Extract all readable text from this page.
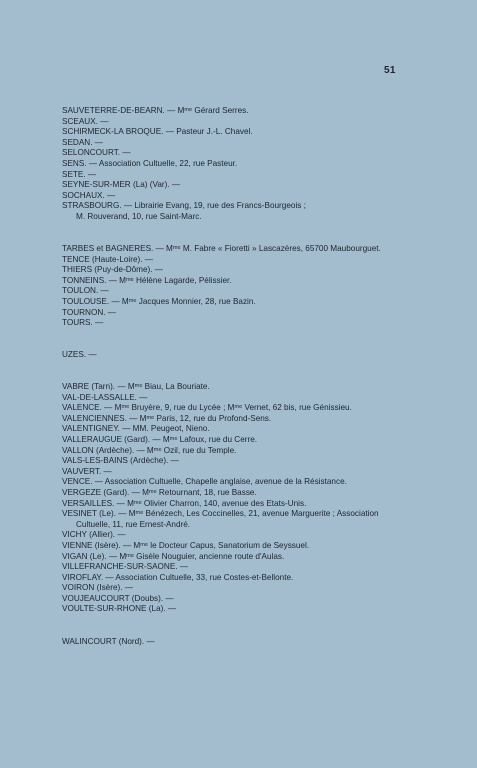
51
SAUVETERRE-DE-BEARN. — Mᵐᵉ Gérard Serres.
SCEAUX. —
SCHIRMECK-LA BROQUE. — Pasteur J.-L. Chavel.
SEDAN. —
SELONCOURT. —
SENS. — Association Cultuelle, 22, rue Pasteur.
SETE. —
SEYNE-SUR-MER (La) (Var). —
SOCHAUX. —
STRASBOURG. — Librairie Evang, 19, rue des Francs-Bourgeois ;
M. Rouverand, 10, rue Saint-Marc.
TARBES et BAGNERES. — Mᵐᵉ M. Fabre « Fioretti » Lascazères, 65700 Maubourguet.
TENCE (Haute-Loire). —
THIERS (Puy-de-Dôme). —
TONNEINS. — Mᵐᵉ Hélène Lagarde, Pélissier.
TOULON. —
TOULOUSE. — Mᵐᵉ Jacques Monnier, 28, rue Bazin.
TOURNON. —
TOURS. —
UZES. —
VABRE (Tarn). — Mᵐᵉ Biau, La Bouriate.
VAL-DE-LASSALLE. —
VALENCE. — Mᵐᵉ Bruyère, 9, rue du Lycée ; Mᵐᵉ Vernet, 62 bis, rue Génissieu.
VALENCIENNES. — Mᵐᵉ Paris, 12, rue du Profond-Sens.
VALENTIGNEY. — MM. Peugeot, Nieno.
VALLERAUGUE (Gard). — Mᵐᵉ Lafoux, rue du Cerre.
VALLON (Ardèche). — Mᵐᵉ Ozil, rue du Temple.
VALS-LES-BAINS (Ardèche). —
VAUVERT. —
VENCE. — Association Cultuelle, Chapelle anglaise, avenue de la Résistance.
VERGEZE (Gard). — Mᵐᵉ Retournant, 18, rue Basse.
VERSAILLES. — Mᵐᵉ Olivier Charron, 140, avenue des Etats-Unis.
VESINET (Le). — Mᵐᵉ Bénézech, Les Coccinelles, 21, avenue Marguerite ; Association
Cultuelle, 11, rue Ernest-André.
VICHY (Allier). —
VIENNE (Isère). — Mᵐᵉ le Docteur Capus, Sanatorium de Seyssuel.
VIGAN (Le). — Mᵐᵉ Gisèle Nouguier, ancienne route d'Aulas.
VILLEFRANCHE-SUR-SAONE. —
VIROFLAY. — Association Cultuelle, 33, rue Costes-et-Bellonte.
VOIRON (Isère). —
VOUJEAUCOURT (Doubs). —
VOULTE-SUR-RHONE (La). —
WALINCOURT (Nord). —
